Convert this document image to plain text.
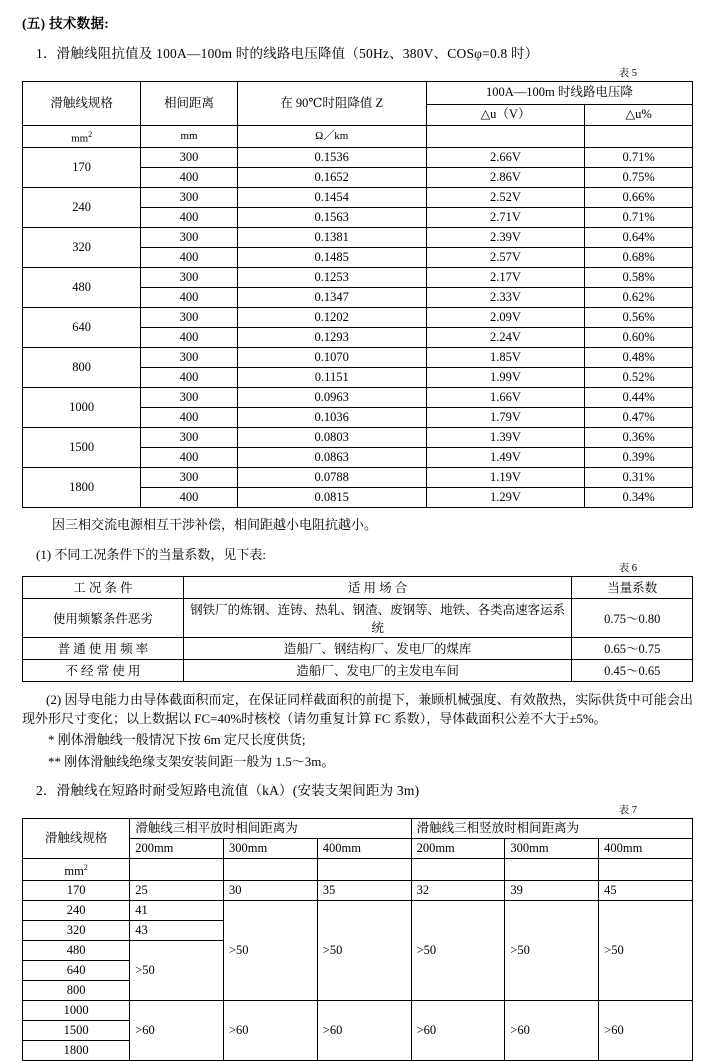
(五) 技术数据:
1．滑触线阻抗值及 100A—100m 时的线路电压降值（50Hz、380V、COSφ=0.8 时）
表 5
滑触线规格	相间距离	在 90℃时阻降值 Z	100A—100m 时线路电压降	
			△u（V）	△u%
$mm^2$	mm	Ω／km		
170	300	0.1536	2.66V	0.71%
	400	0.1652	2.86V	0.75%
240	300	0.1454	2.52V	0.66%
	400	0.1563	2.71V	0.71%
320	300	0.1381	2.39V	0.64%
	400	0.1485	2.57V	0.68%
480	300	0.1253	2.17V	0.58%
	400	0.1347	2.33V	0.62%
640	300	0.1202	2.09V	0.56%
	400	0.1293	2.24V	0.60%
800	300	0.1070	1.85V	0.48%
	400	0.1151	1.99V	0.52%
1000	300	0.0963	1.66V	0.44%
	400	0.1036	1.79V	0.47%
1500	300	0.0803	1.39V	0.36%
	400	0.0863	1.49V	0.39%
1800	300	0.0788	1.19V	0.31%
	400	0.0815	1.29V	0.34%
因三相交流电源相互干涉补偿，相间距越小电阻抗越小。
(1) 不同工况条件下的当量系数，见下表:
表 6
工 况 条 件	适 用 场 合	当量系数
使用频繁条件恶劣	钢铁厂的炼钢、连铸、热轧、钢渣、废钢等、地铁、各类高速客运系统	0.75～0.80
普 通 使 用 频 率	造船厂、钢结构厂、发电厂的煤库	0.65～0.75
不 经 常 使 用	造船厂、发电厂的主发电车间	0.45～0.65
(2) 因导电能力由导体截面积而定，在保证同样截面积的前提下，兼顾机械强度、有效散热，实际供货中可能会出现外形尺寸变化；以上数据以 FC=40%时核校（请勿重复计算 FC 系数），导体截面积公差不大于±5%。
* 刚体滑触线一般情况下按 6m 定尺长度供货;
** 刚体滑触线绝缘支架安装间距一般为 1.5～3m。
2．滑触线在短路时耐受短路电流值（kA）(安装支架间距为 3m)
表 7
滑触线规格	滑触线三相平放时相间距离为			滑触线三相竖放时相间距离为		
	200mm	300mm	400mm	200mm	300mm	400mm
$mm^2$						
170	25	30	35	32	39	45
240	41	>50	>50	>50	>50	>50
320	43					
480	>50					
640						
800						
1000	>60	>60	>60	>60	>60	>60
1500						
1800						
